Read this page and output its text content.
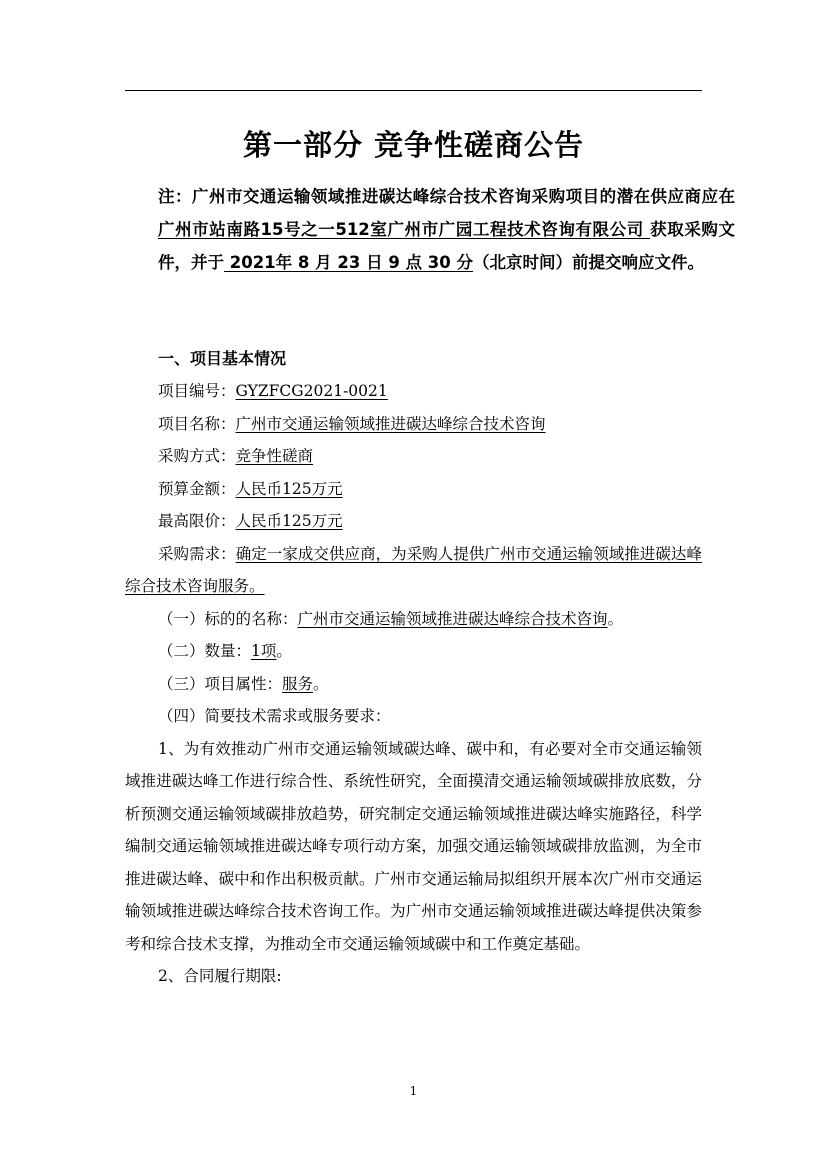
第一部分 竞争性磋商公告
注：广州市交通运输领域推进碳达峰综合技术咨询采购项目的潜在供应商应在 广州市站南路15号之一512室广州市广园工程技术咨询有限公司 获取采购文件，并于 2021年 8 月 23 日 9 点 30 分（北京时间）前提交响应文件。
一、项目基本情况
项目编号：GYZFCG2021-0021
项目名称：广州市交通运输领域推进碳达峰综合技术咨询
采购方式：竞争性磋商
预算金额：人民币125万元
最高限价：人民币125万元
采购需求：确定一家成交供应商，为采购人提供广州市交通运输领域推进碳达峰综合技术咨询服务。
（一）标的的名称：广州市交通运输领域推进碳达峰综合技术咨询。
（二）数量：1项。
（三）项目属性：服务。
（四）简要技术需求或服务要求：
1、为有效推动广州市交通运输领域碳达峰、碳中和，有必要对全市交通运输领域推进碳达峰工作进行综合性、系统性研究，全面摸清交通运输领域碳排放底数，分析预测交通运输领域碳排放趋势，研究制定交通运输领域推进碳达峰实施路径，科学编制交通运输领域推进碳达峰专项行动方案，加强交通运输领域碳排放监测，为全市推进碳达峰、碳中和作出积极贡献。广州市交通运输局拟组织开展本次广州市交通运输领域推进碳达峰综合技术咨询工作。为广州市交通运输领域推进碳达峰提供决策参考和综合技术支撑，为推动全市交通运输领域碳中和工作奠定基础。
2、合同履行期限:
1
